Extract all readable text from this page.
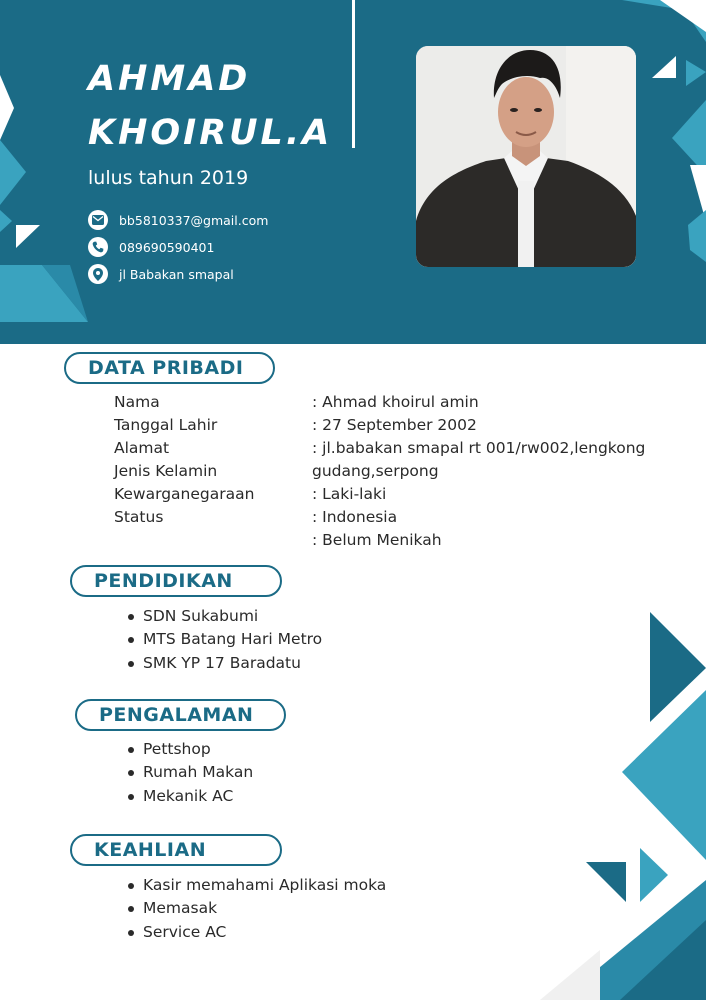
AHMAD
KHOIRUL.A
lulus tahun 2019
bb5810337@gmail.com
089690590401
jl Babakan smapal
DATA PRIBADI
Nama
Tanggal Lahir
Alamat
Jenis Kelamin
Kewarganegaraan
Status
: Ahmad khoirul amin
: 27 September 2002
: jl.babakan smapal rt 001/rw002,lengkong
gudang,serpong
: Laki-laki
: Indonesia
: Belum Menikah
PENDIDIKAN
SDN Sukabumi
MTS Batang Hari Metro
SMK YP 17 Baradatu
PENGALAMAN
Pettshop
Rumah Makan
Mekanik AC
KEAHLIAN
Kasir memahami Aplikasi moka
Memasak
Service AC
